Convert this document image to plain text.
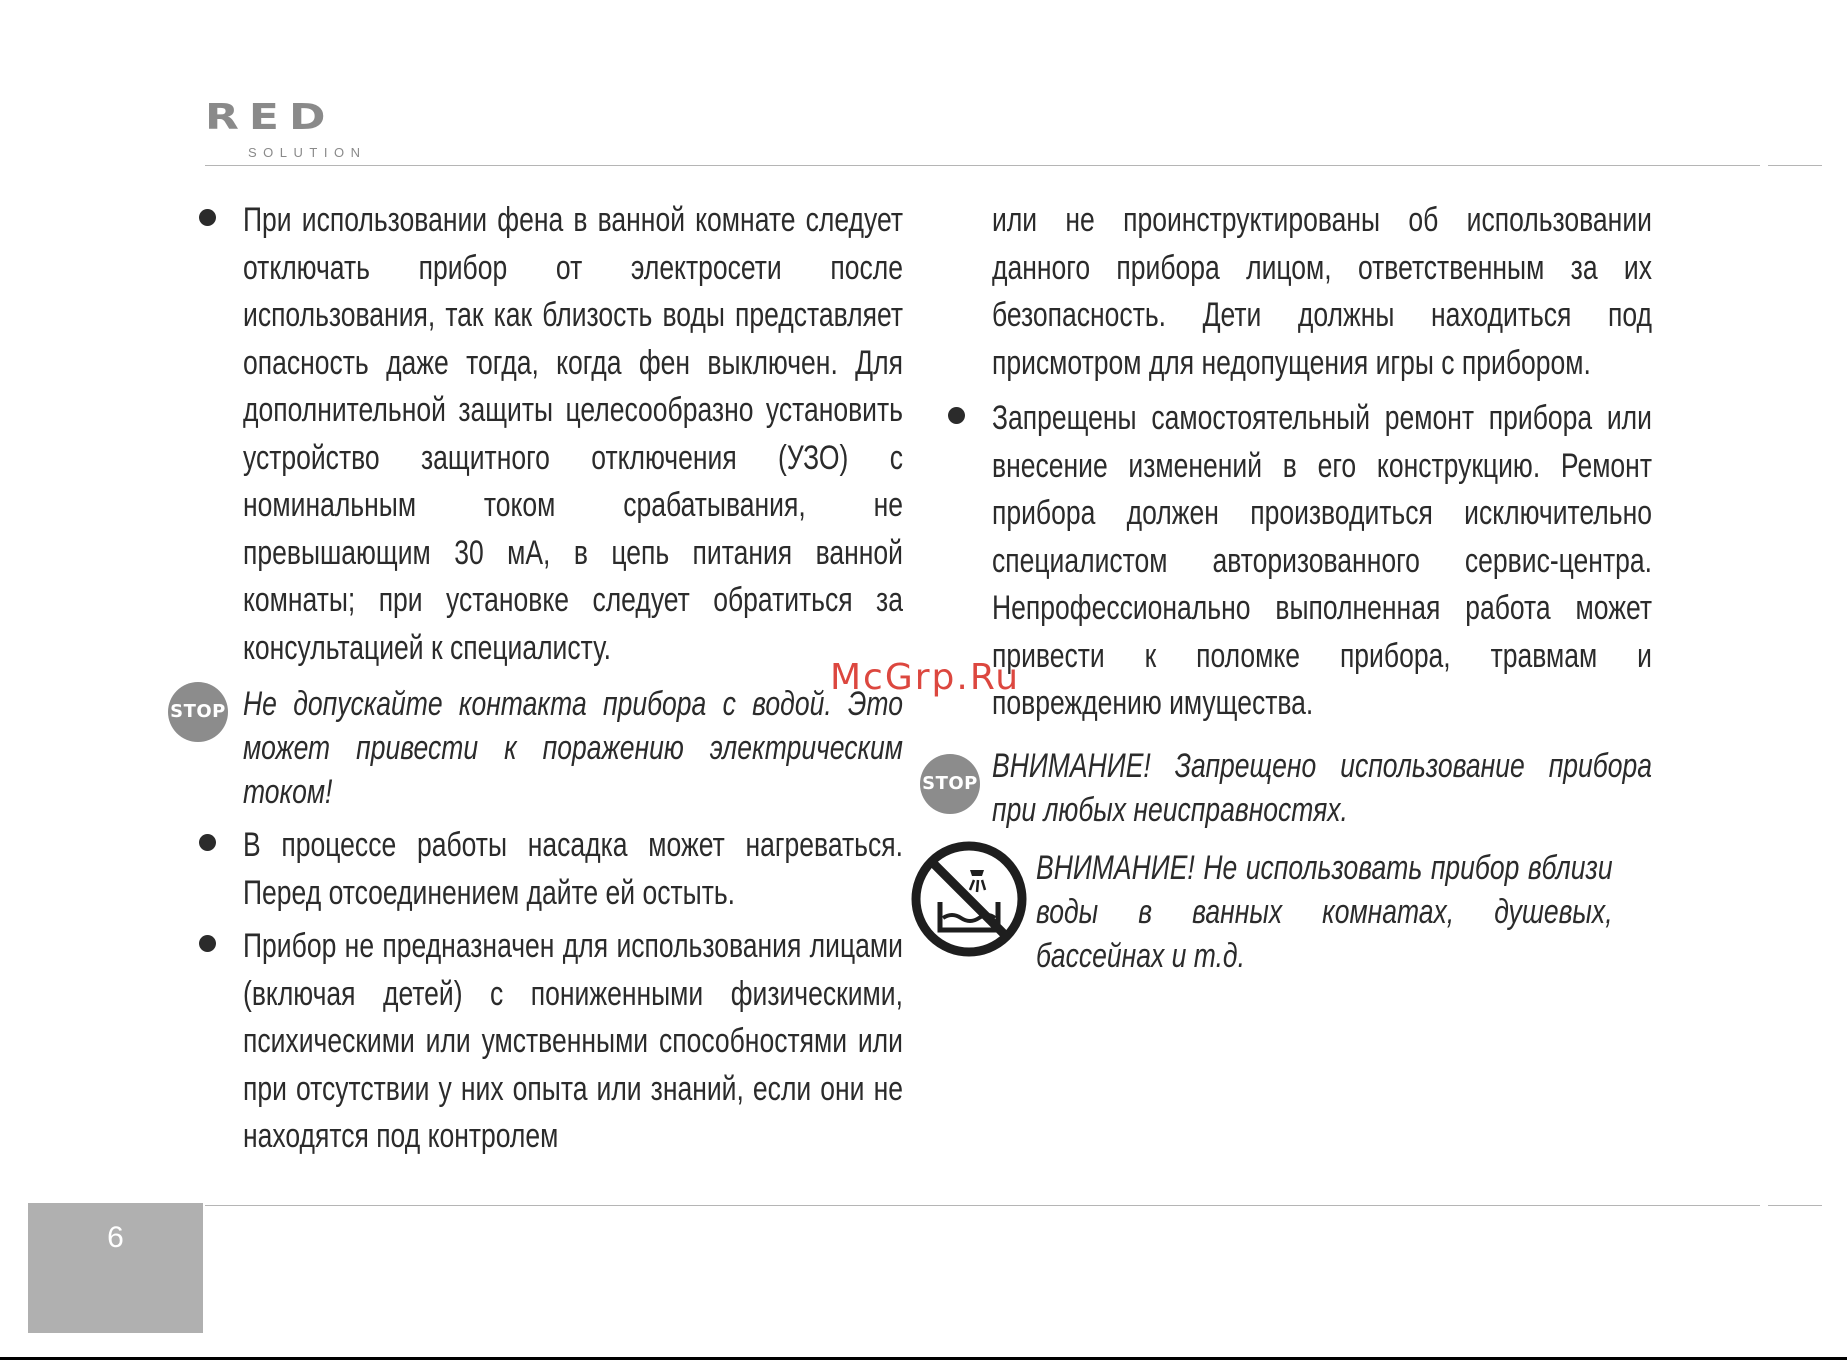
RED
SOLUTION
При использовании фена в ванной комнате следует отключать прибор от электросети после использования, так как близость воды представляет опасность даже тогда, когда фен выключен. Для дополнительной защиты целесообразно установить устройство защитного отключения (УЗО) с номинальным током срабатывания, не превышающим 30 мА, в цепь питания ванной комнаты; при установке следует обратиться за консультацией к специалисту.
STOP Не допускайте контакта прибора с водой. Это может привести к поражению электрическим током!
В процессе работы насадка может нагреваться. Перед отсоединением дайте ей остыть.
Прибор не предназначен для использования лицами (включая детей) с пониженными физическими, психическими или умственными способностями или при отсутствии у них опыта или знаний, если они не находятся под контролем
или не проинструктированы об использовании данного прибора лицом, ответственным за их безопасность. Дети должны находиться под присмотром для недопущения игры с прибором.
Запрещены самостоятельный ремонт прибора или внесение изменений в его конструкцию. Ремонт прибора должен производиться исключительно специалистом авторизованного сервис-центра. Непрофессионально выполненная работа может привести к поломке прибора, травмам и повреждению имущества.
STOP ВНИМАНИЕ! Запрещено использование прибора при любых неисправностях.
ВНИМАНИЕ! Не использовать прибор вблизи воды в ванных комнатах, душевых, бассейнах и т.д.
McGrp.Ru
6
